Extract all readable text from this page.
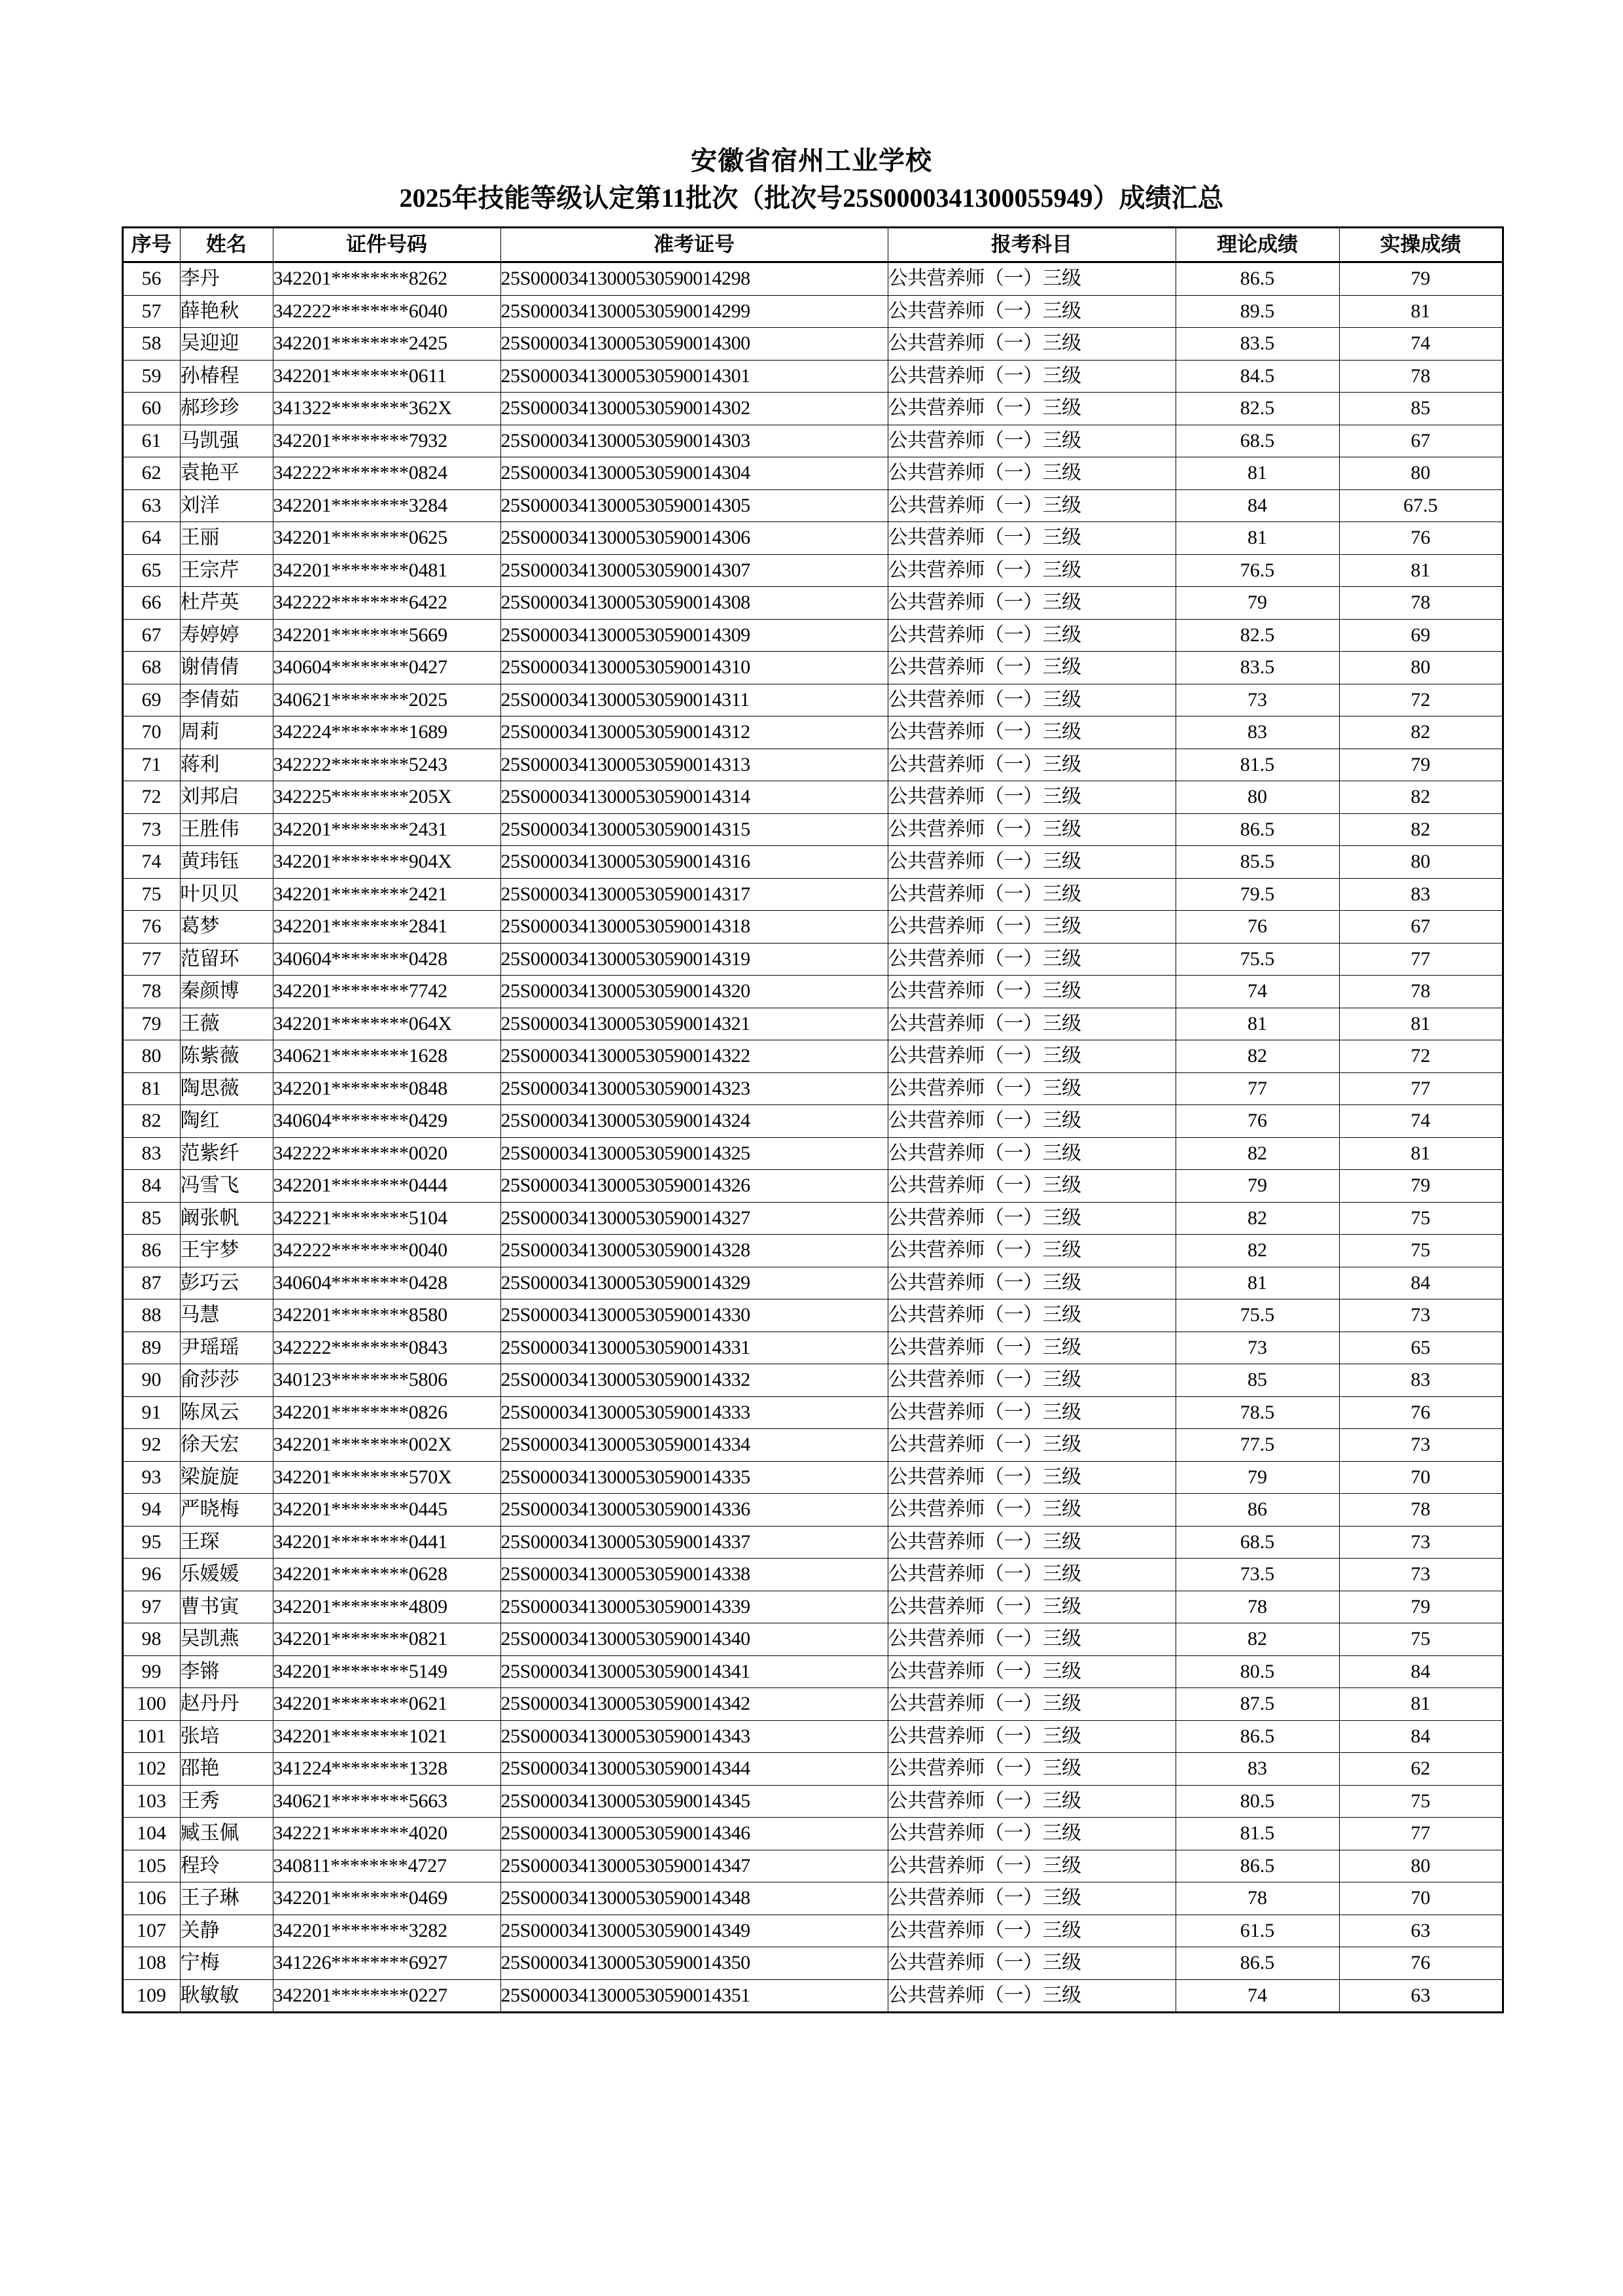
安徽省宿州工业学校
2025年技能等级认定第11批次（批次号25S0000341300055949）成绩汇总
序号	姓名	证件号码	准考证号	报考科目	理论成绩	实操成绩
56	李丹	342201********8262	25S00003413000530590014298	公共营养师（一）三级	86.5	79
57	薛艳秋	342222********6040	25S00003413000530590014299	公共营养师（一）三级	89.5	81
58	吴迎迎	342201********2425	25S00003413000530590014300	公共营养师（一）三级	83.5	74
59	孙椿程	342201********0611	25S00003413000530590014301	公共营养师（一）三级	84.5	78
60	郝珍珍	341322********362X	25S00003413000530590014302	公共营养师（一）三级	82.5	85
61	马凯强	342201********7932	25S00003413000530590014303	公共营养师（一）三级	68.5	67
62	袁艳平	342222********0824	25S00003413000530590014304	公共营养师（一）三级	81	80
63	刘洋	342201********3284	25S00003413000530590014305	公共营养师（一）三级	84	67.5
64	王丽	342201********0625	25S00003413000530590014306	公共营养师（一）三级	81	76
65	王宗芹	342201********0481	25S00003413000530590014307	公共营养师（一）三级	76.5	81
66	杜芹英	342222********6422	25S00003413000530590014308	公共营养师（一）三级	79	78
67	寿婷婷	342201********5669	25S00003413000530590014309	公共营养师（一）三级	82.5	69
68	谢倩倩	340604********0427	25S00003413000530590014310	公共营养师（一）三级	83.5	80
69	李倩茹	340621********2025	25S00003413000530590014311	公共营养师（一）三级	73	72
70	周莉	342224********1689	25S00003413000530590014312	公共营养师（一）三级	83	82
71	蒋利	342222********5243	25S00003413000530590014313	公共营养师（一）三级	81.5	79
72	刘邦启	342225********205X	25S00003413000530590014314	公共营养师（一）三级	80	82
73	王胜伟	342201********2431	25S00003413000530590014315	公共营养师（一）三级	86.5	82
74	黄玮钰	342201********904X	25S00003413000530590014316	公共营养师（一）三级	85.5	80
75	叶贝贝	342201********2421	25S00003413000530590014317	公共营养师（一）三级	79.5	83
76	葛梦	342201********2841	25S00003413000530590014318	公共营养师（一）三级	76	67
77	范留环	340604********0428	25S00003413000530590014319	公共营养师（一）三级	75.5	77
78	秦颜博	342201********7742	25S00003413000530590014320	公共营养师（一）三级	74	78
79	王薇	342201********064X	25S00003413000530590014321	公共营养师（一）三级	81	81
80	陈紫薇	340621********1628	25S00003413000530590014322	公共营养师（一）三级	82	72
81	陶思薇	342201********0848	25S00003413000530590014323	公共营养师（一）三级	77	77
82	陶红	340604********0429	25S00003413000530590014324	公共营养师（一）三级	76	74
83	范紫纤	342222********0020	25S00003413000530590014325	公共营养师（一）三级	82	81
84	冯雪飞	342201********0444	25S00003413000530590014326	公共营养师（一）三级	79	79
85	阚张帆	342221********5104	25S00003413000530590014327	公共营养师（一）三级	82	75
86	王宇梦	342222********0040	25S00003413000530590014328	公共营养师（一）三级	82	75
87	彭巧云	340604********0428	25S00003413000530590014329	公共营养师（一）三级	81	84
88	马慧	342201********8580	25S00003413000530590014330	公共营养师（一）三级	75.5	73
89	尹瑶瑶	342222********0843	25S00003413000530590014331	公共营养师（一）三级	73	65
90	俞莎莎	340123********5806	25S00003413000530590014332	公共营养师（一）三级	85	83
91	陈凤云	342201********0826	25S00003413000530590014333	公共营养师（一）三级	78.5	76
92	徐天宏	342201********002X	25S00003413000530590014334	公共营养师（一）三级	77.5	73
93	梁旋旋	342201********570X	25S00003413000530590014335	公共营养师（一）三级	79	70
94	严晓梅	342201********0445	25S00003413000530590014336	公共营养师（一）三级	86	78
95	王琛	342201********0441	25S00003413000530590014337	公共营养师（一）三级	68.5	73
96	乐媛媛	342201********0628	25S00003413000530590014338	公共营养师（一）三级	73.5	73
97	曹书寅	342201********4809	25S00003413000530590014339	公共营养师（一）三级	78	79
98	吴凯燕	342201********0821	25S00003413000530590014340	公共营养师（一）三级	82	75
99	李锵	342201********5149	25S00003413000530590014341	公共营养师（一）三级	80.5	84
100	赵丹丹	342201********0621	25S00003413000530590014342	公共营养师（一）三级	87.5	81
101	张培	342201********1021	25S00003413000530590014343	公共营养师（一）三级	86.5	84
102	邵艳	341224********1328	25S00003413000530590014344	公共营养师（一）三级	83	62
103	王秀	340621********5663	25S00003413000530590014345	公共营养师（一）三级	80.5	75
104	臧玉佩	342221********4020	25S00003413000530590014346	公共营养师（一）三级	81.5	77
105	程玲	340811********4727	25S00003413000530590014347	公共营养师（一）三级	86.5	80
106	王子琳	342201********0469	25S00003413000530590014348	公共营养师（一）三级	78	70
107	关静	342201********3282	25S00003413000530590014349	公共营养师（一）三级	61.5	63
108	宁梅	341226********6927	25S00003413000530590014350	公共营养师（一）三级	86.5	76
109	耿敏敏	342201********0227	25S00003413000530590014351	公共营养师（一）三级	74	63
